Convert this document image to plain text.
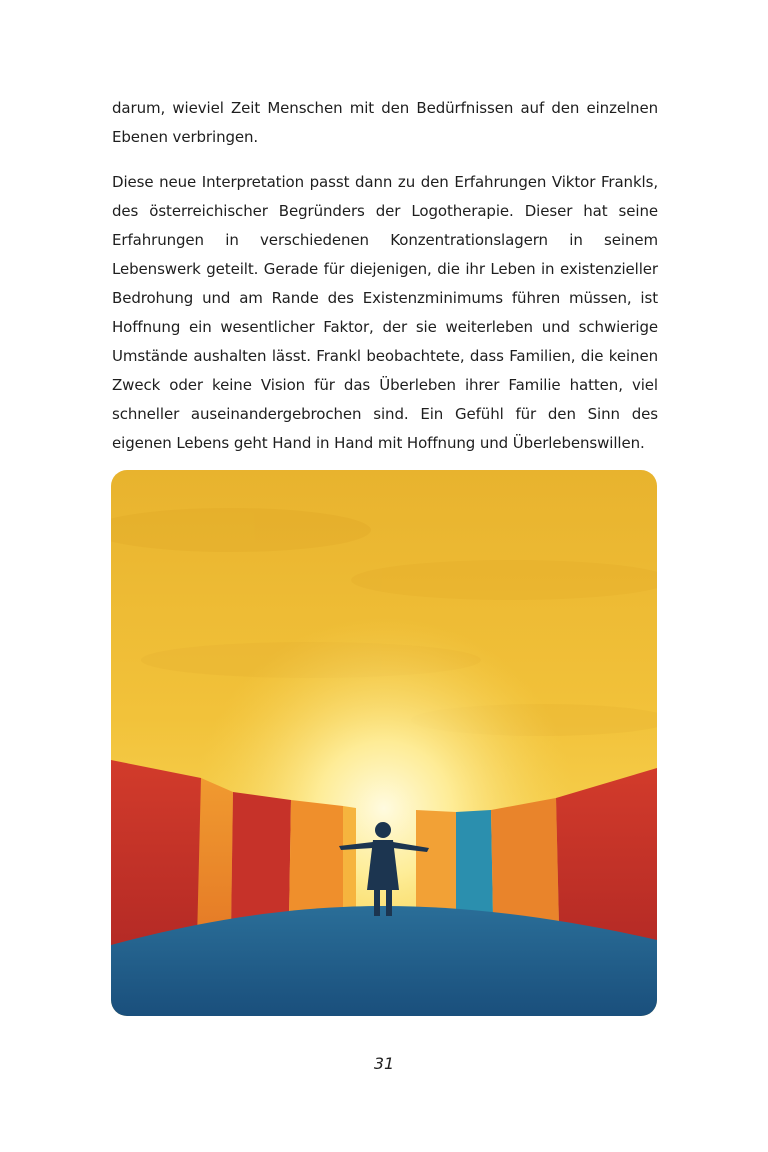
darum, wieviel Zeit Menschen mit den Bedürfnissen auf den einzelnen Ebenen verbringen.

Diese neue Interpretation passt dann zu den Erfahrungen Viktor Frankls, des österreichischer Begründers der Logotherapie. Dieser hat seine Erfahrungen in verschiedenen Konzentrationslagern in seinem Lebenswerk geteilt. Gerade für diejenigen, die ihr Leben in existenzieller Bedrohung und am Rande des Existenzminimums führen müssen, ist Hoffnung ein wesentlicher Faktor, der sie weiterleben und schwierige Umstände aushalten lässt. Frankl beobachtete, dass Familien, die keinen Zweck oder keine Vision für das Überleben ihrer Familie hatten, viel schneller auseinandergebrochen sind. Ein Gefühl für den Sinn des eigenen Lebens geht Hand in Hand mit Hoffnung und Überlebenswillen.

31
